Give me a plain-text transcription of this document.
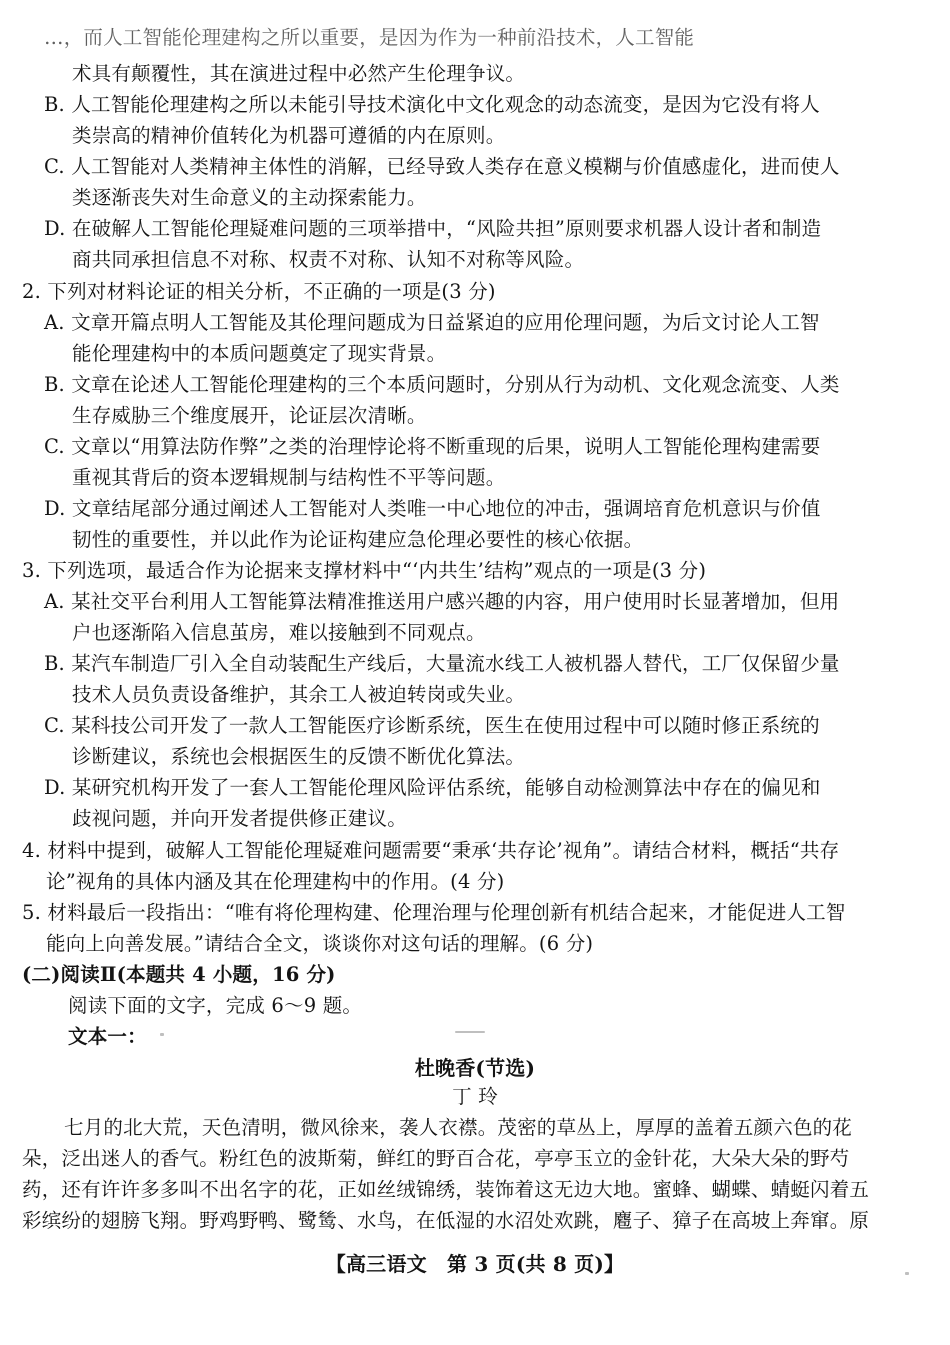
…，而人工智能伦理建构之所以重要，是因为作为一种前沿技术，人工智能
术具有颠覆性，其在演进过程中必然产生伦理争议。
B. 人工智能伦理建构之所以未能引导技术演化中文化观念的动态流变，是因为它没有将人
类崇高的精神价值转化为机器可遵循的内在原则。
C. 人工智能对人类精神主体性的消解，已经导致人类存在意义模糊与价值感虚化，进而使人
类逐渐丧失对生命意义的主动探索能力。
D. 在破解人工智能伦理疑难问题的三项举措中，“风险共担”原则要求机器人设计者和制造
商共同承担信息不对称、权责不对称、认知不对称等风险。
2. 下列对材料论证的相关分析，不正确的一项是(3 分)
A. 文章开篇点明人工智能及其伦理问题成为日益紧迫的应用伦理问题，为后文讨论人工智
能伦理建构中的本质问题奠定了现实背景。
B. 文章在论述人工智能伦理建构的三个本质问题时，分别从行为动机、文化观念流变、人类
生存威胁三个维度展开，论证层次清晰。
C. 文章以“用算法防作弊”之类的治理悖论将不断重现的后果，说明人工智能伦理构建需要
重视其背后的资本逻辑规制与结构性不平等问题。
D. 文章结尾部分通过阐述人工智能对人类唯一中心地位的冲击，强调培育危机意识与价值
韧性的重要性，并以此作为论证构建应急伦理必要性的核心依据。
3. 下列选项，最适合作为论据来支撑材料中“‘内共生’结构”观点的一项是(3 分)
A. 某社交平台利用人工智能算法精准推送用户感兴趣的内容，用户使用时长显著增加，但用
户也逐渐陷入信息茧房，难以接触到不同观点。
B. 某汽车制造厂引入全自动装配生产线后，大量流水线工人被机器人替代，工厂仅保留少量
技术人员负责设备维护，其余工人被迫转岗或失业。
C. 某科技公司开发了一款人工智能医疗诊断系统，医生在使用过程中可以随时修正系统的
诊断建议，系统也会根据医生的反馈不断优化算法。
D. 某研究机构开发了一套人工智能伦理风险评估系统，能够自动检测算法中存在的偏见和
歧视问题，并向开发者提供修正建议。
4. 材料中提到，破解人工智能伦理疑难问题需要“秉承‘共存论’视角”。请结合材料，概括“共存
论”视角的具体内涵及其在伦理建构中的作用。(4 分)
5. 材料最后一段指出：“唯有将伦理构建、伦理治理与伦理创新有机结合起来，才能促进人工智
能向上向善发展。”请结合全文，谈谈你对这句话的理解。(6 分)
(二)阅读Ⅱ(本题共 4 小题，16 分)
阅读下面的文字，完成 6～9 题。
文本一：
杜晚香(节选)
丁 玲
七月的北大荒，天色清明，微风徐来，袭人衣襟。茂密的草丛上，厚厚的盖着五颜六色的花
朵，泛出迷人的香气。粉红色的波斯菊，鲜红的野百合花，亭亭玉立的金针花，大朵大朵的野芍
药，还有许许多多叫不出名字的花，正如丝绒锦绣，装饰着这无边大地。蜜蜂、蝴蝶、蜻蜓闪着五
彩缤纷的翅膀飞翔。野鸡野鸭、鹭鸶、水鸟，在低湿的水沼处欢跳，麅子、獐子在高坡上奔窜。原
【高三语文　第 3 页(共 8 页)】
